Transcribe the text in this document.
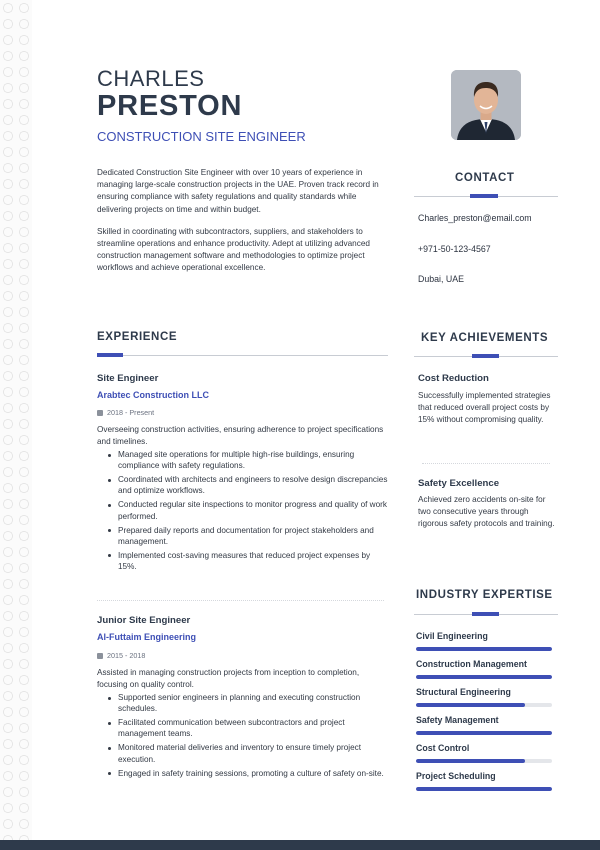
CHARLES
PRESTON
CONSTRUCTION SITE ENGINEER

Dedicated Construction Site Engineer with over 10 years of experience in managing large-scale construction projects in the UAE. Proven track record in ensuring compliance with safety regulations and quality standards while delivering projects on time and within budget.

Skilled in coordinating with subcontractors, suppliers, and stakeholders to streamline operations and enhance productivity. Adept at utilizing advanced construction management software and methodologies to optimize project workflows and achieve operational excellence.

CONTACT
Charles_preston@email.com
+971-50-123-4567
Dubai, UAE
EXPERIENCE
Site Engineer
Arabtec Construction LLC
2018 - Present
Overseeing construction activities, ensuring adherence to project specifications and timelines.
Managed site operations for multiple high-rise buildings, ensuring compliance with safety regulations.
Coordinated with architects and engineers to resolve design discrepancies and optimize workflows.
Conducted regular site inspections to monitor progress and quality of work performed.
Prepared daily reports and documentation for project stakeholders and management.
Implemented cost-saving measures that reduced project expenses by 15%.
Junior Site Engineer
Al-Futtaim Engineering
2015 - 2018
Assisted in managing construction projects from inception to completion, focusing on quality control.
Supported senior engineers in planning and executing construction schedules.
Facilitated communication between subcontractors and project management teams.
Monitored material deliveries and inventory to ensure timely project execution.
Engaged in safety training sessions, promoting a culture of safety on-site.
KEY ACHIEVEMENTS
Cost Reduction
Successfully implemented strategies that reduced overall project costs by 15% without compromising quality.
Safety Excellence
Achieved zero accidents on-site for two consecutive years through rigorous safety protocols and training.
INDUSTRY EXPERTISE
Civil Engineering
Construction Management
Structural Engineering
Safety Management
Cost Control
Project Scheduling
